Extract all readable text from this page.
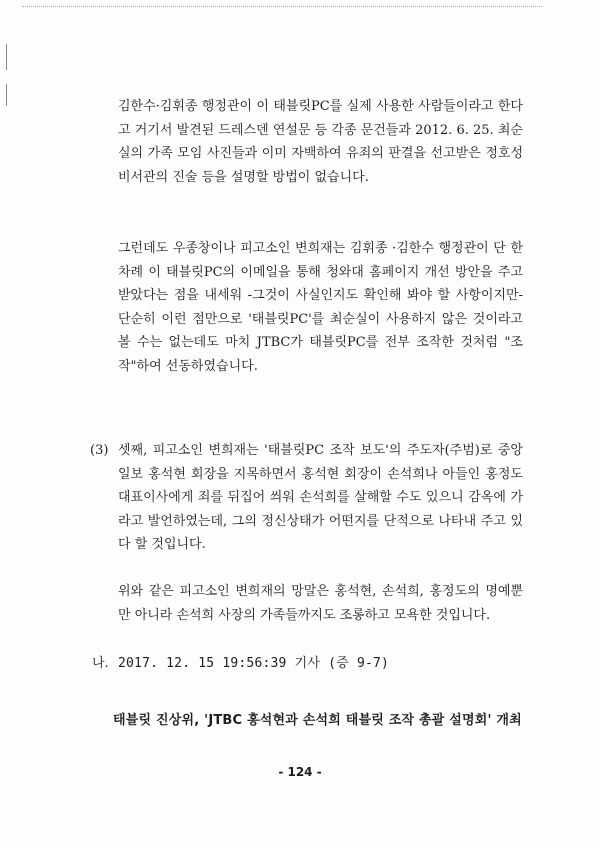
김한수·김휘종 행정관이 이 태블릿PC를 실제 사용한 사람들이라고 한다고 거기서 발견된 드레스덴 연설문 등 각종 문건들과 2012. 6. 25. 최순실의 가족 모임 사진들과 이미 자백하여 유죄의 판결을 선고받은 정호성 비서관의 진술 등을 설명할 방법이 없습니다.

그런데도 우종창이나 피고소인 변희재는 김휘종 ·김한수 행정관이 단 한차례 이 태블릿PC의 이메일을 통해 청와대 홈페이지 개선 방안을 주고받았다는 점을 내세워 -그것이 사실인지도 확인해 봐야 할 사항이지만- 단순히 이런 점만으로 '태블릿PC'를 최순실이 사용하지 않은 것이라고 볼 수는 없는데도 마치 JTBC가 태블릿PC를 전부 조작한 것처럼 "조작"하여 선동하였습니다.

(3) 셋째, 피고소인 변희재는 '태블릿PC 조작 보도'의 주도자(주범)로 중앙일보 홍석현 회장을 지목하면서 홍석현 회장이 손석희나 아들인 홍정도 대표이사에게 죄를 뒤집어 씌워 손석희를 살해할 수도 있으니 감옥에 가라고 발언하였는데, 그의 정신상태가 어떤지를 단적으로 나타내 주고 있다 할 것입니다.

위와 같은 피고소인 변희재의 망말은 홍석현, 손석희, 홍정도의 명예뿐만 아니라 손석희 사장의 가족들까지도 조롱하고 모욕한 것입니다.

나. 2017. 12. 15 19:56:39 기사 (증 9-7)
태블릿 진상위, 'JTBC 홍석현과 손석희 태블릿 조작 총괄 설명회' 개최
- 124 -
